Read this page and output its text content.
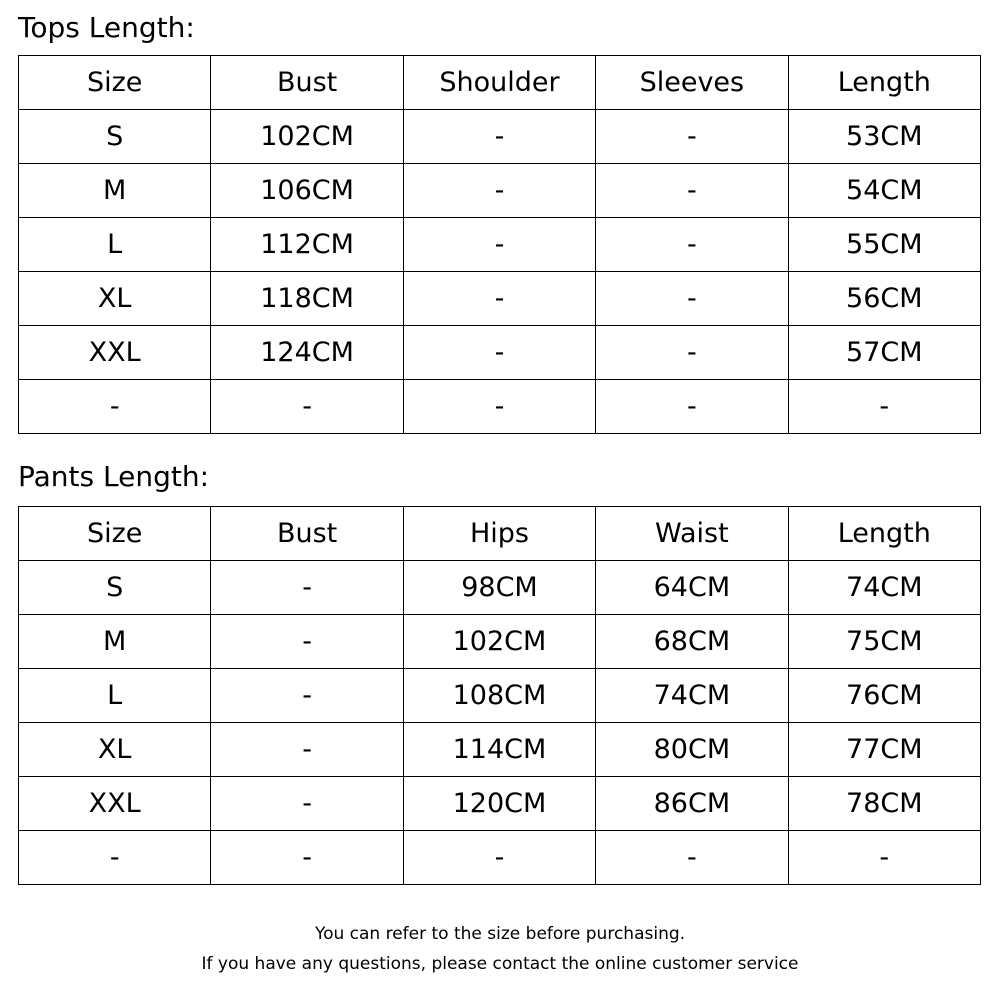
Tops Length:
Size	Bust	Shoulder	Sleeves	Length
S	102CM	-	-	53CM
M	106CM	-	-	54CM
L	112CM	-	-	55CM
XL	118CM	-	-	56CM
XXL	124CM	-	-	57CM
-	-	-	-	-
Pants Length:
Size	Bust	Hips	Waist	Length
S	-	98CM	64CM	74CM
M	-	102CM	68CM	75CM
L	-	108CM	74CM	76CM
XL	-	114CM	80CM	77CM
XXL	-	120CM	86CM	78CM
-	-	-	-	-

You can refer to the size before purchasing.

If you have any questions, please contact the online customer service
